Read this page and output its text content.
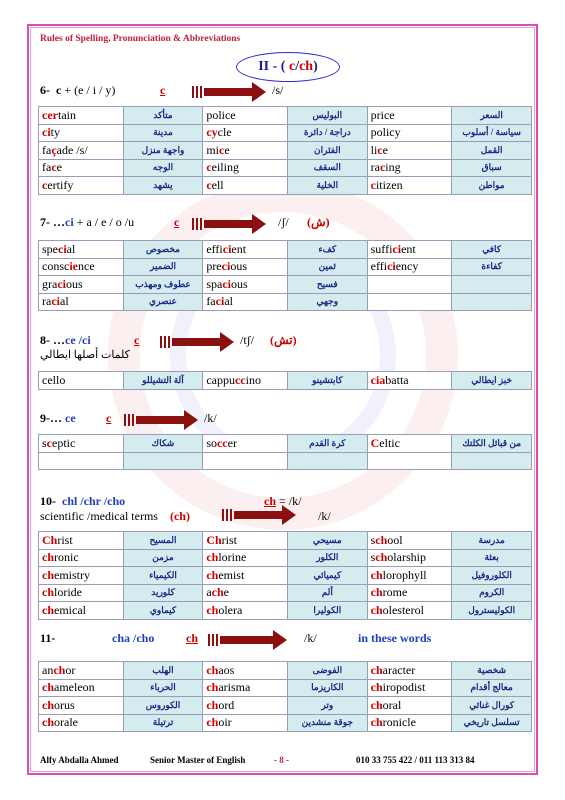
Rules of Spelling, Pronunciation & Abbreviations
II - (
c / ch )
6- c + (e / i / y)	c	/s/
certain	متأكد	police	البوليس	price	السعر
city	مدينة	cycle	دراجة / دائرة	policy	سياسة / أسلوب
façade /s/	واجهة منزل	mice	الفئران	lice	القمل
face	الوجه	ceiling	السقف	racing	سباق
certify	يشهد	cell	الخلية	citizen	مواطن
7- …ci + a / e / o /u	c	/ʃ/ (ش)
special	مخصوص	efficient	كفء	sufficient	كافي
conscience	الضمير	precious	ثمين	efficiency	كفاءة
gracious	عطوف ومهذب	spacious	فسيح		
racial	عنصري	facial	وجهي		
8- …ce /ci	c	/tʃ/ (تش)
كلمات أصلها ايطالي
cello	آلة التشيللو	cappuccino	كابتشينو	ciabatta	خبز ايطالي
9-… ce	c	/k/
sceptic	شكاك	soccer	كرة القدم	Celtic	من قبائل الكلتك

10- chl /chr /cho	ch = /k/
scientific /medical terms (ch)	/k/
Christ	المسيح	Christ	مسيحي	school	مدرسة
chronic	مزمن	chlorine	الكلور	scholarship	بعثة
chemistry	الكيمياء	chemist	كيميائي	chlorophyll	الكلوروفيل
chloride	كلوريد	ache	ألم	chrome	الكروم
chemical	كيماوي	cholera	الكوليرا	cholesterol	الكوليسترول
11-	cha /cho	ch	/k/	in these words
anchor	الهلب	chaos	الفوضى	character	شخصية
chameleon	الحرباء	charisma	الكاريزما	chiropodist	معالج أقدام
chorus	الكوروس	chord	وتر	choral	كورال غنائي
chorale	ترتيلة	choir	جوقة منشدين	chronicle	تسلسل تاريخي
Alfy Abdalla Ahmed	Senior Master of English	- 8 -	010 33 755 422 / 011 113 313 84
